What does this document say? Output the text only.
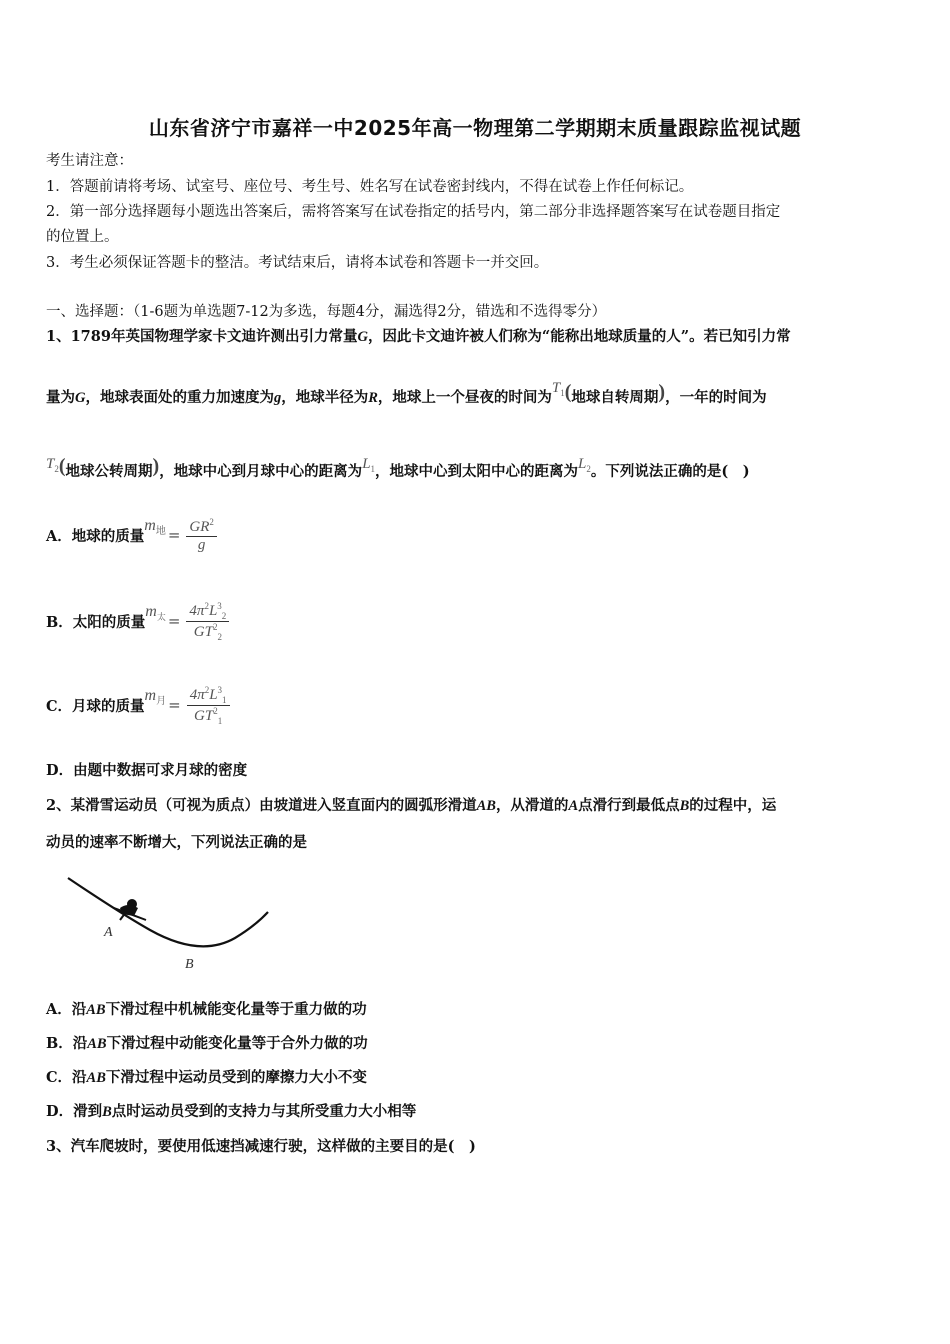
山东省济宁市嘉祥一中2025年高一物理第二学期期末质量跟踪监视试题
考生请注意：
1．答题前请将考场、试室号、座位号、考生号、姓名写在试卷密封线内，不得在试卷上作任何标记。
2．第一部分选择题每小题选出答案后，需将答案写在试卷指定的括号内，第二部分非选择题答案写在试卷题目指定
的位置上。
3．考生必须保证答题卡的整洁。考试结束后，请将本试卷和答题卡一并交回。
一、选择题：（1-6题为单选题7-12为多选，每题4分，漏选得2分，错选和不选得零分）
1、1789年英国物理学家卡文迪许测出引力常量G，因此卡文迪许被人们称为“能称出地球质量的人”。若已知引力常
量为G，地球表面处的重力加速度为g，地球半径为R，地球上一个昼夜的时间为$T_1$(地球自转周期)，一年的时间为
$T_2$(地球公转周期)，地球中心到月球中心的距离为$L_1$，地球中心到太阳中心的距离为$L_2$。下列说法正确的是(　)
A．地球的质量
$m_地 = \frac{GR^2}{g}$
B．太阳的质量
$m_太 = \frac{4\pi^2L^3_2}{GT^2_2}$
C．月球的质量
$m_月 = \frac{4\pi^2L^3_1}{GT^2_1}$
D．由题中数据可求月球的密度
2、某滑雪运动员（可视为质点）由坡道进入竖直面内的圆弧形滑道AB，从滑道的A点滑行到最低点B的过程中，运
动员的速率不断增大，下列说法正确的是
A
B
A．沿AB下滑过程中机械能变化量等于重力做的功
B．沿AB下滑过程中动能变化量等于合外力做的功
C．沿AB下滑过程中运动员受到的摩擦力大小不变
D．滑到B点时运动员受到的支持力与其所受重力大小相等
3、汽车爬坡时，要使用低速挡减速行驶，这样做的主要目的是(　)
